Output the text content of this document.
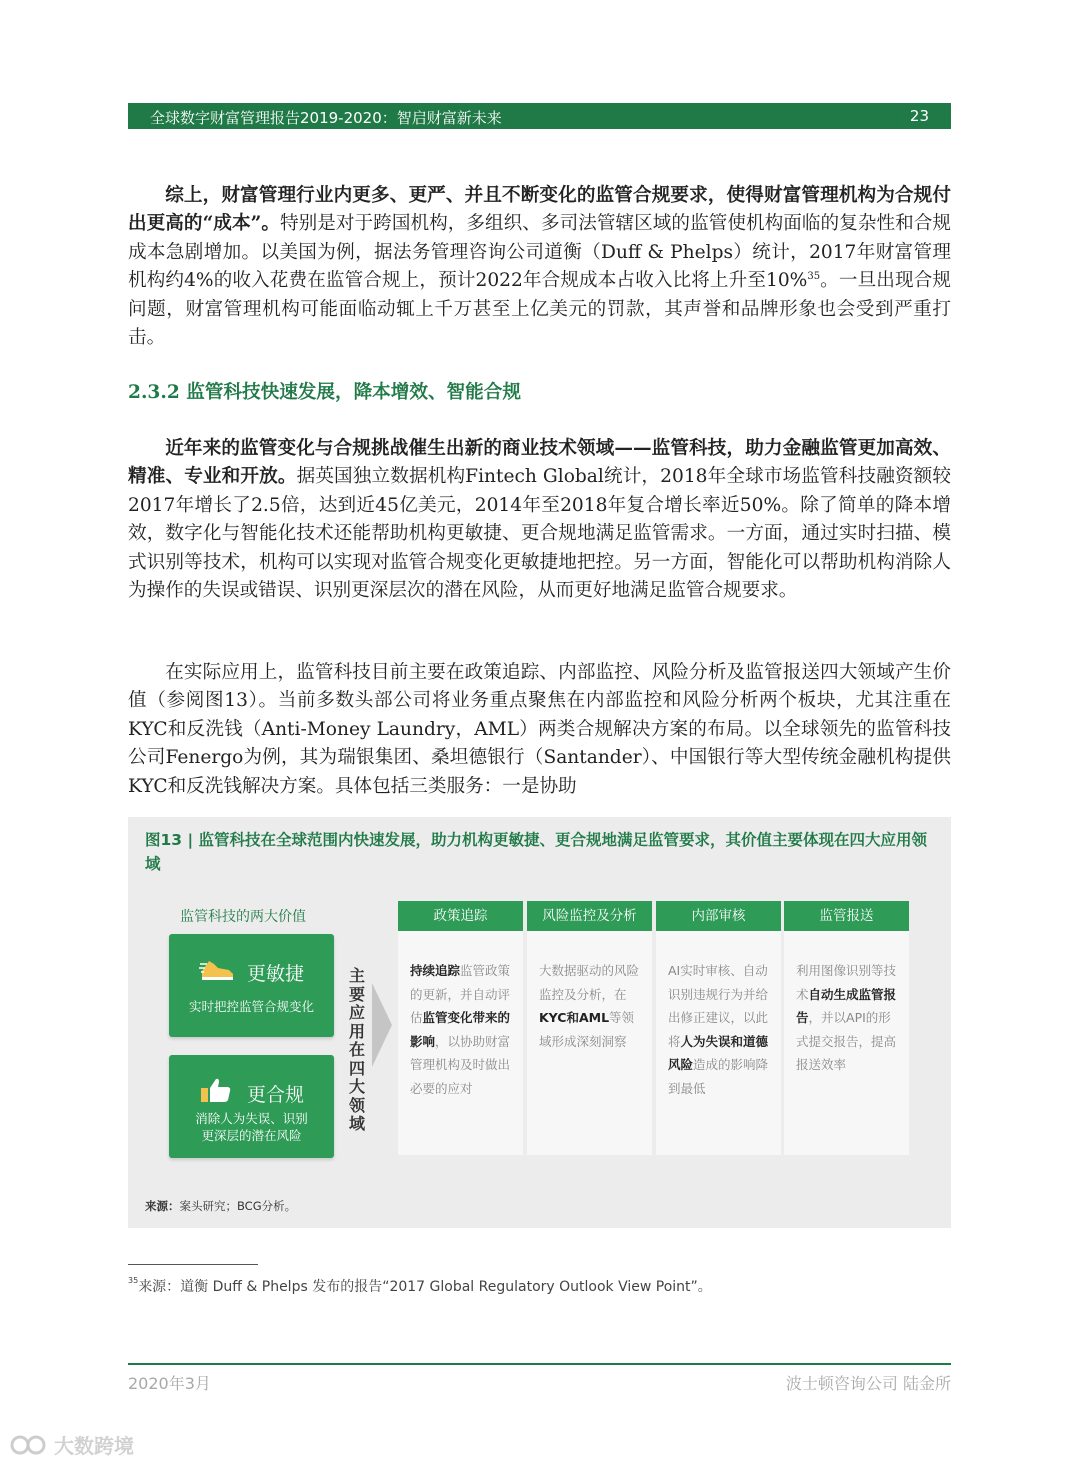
全球数字财富管理报告2019-2020：智启财富新未来	23

综上，财富管理行业内更多、更严、并且不断变化的监管合规要求，使得财富管理机构为合规付出更高的“成本”。特别是对于跨国机构，多组织、多司法管辖区域的监管使机构面临的复杂性和合规成本急剧增加。以美国为例，据法务管理咨询公司道衡（Duff & Phelps）统计，2017年财富管理机构约4%的收入花费在监管合规上，预计2022年合规成本占收入比将上升至10%$^{35}$。一旦出现合规问题，财富管理机构可能面临动辄上千万甚至上亿美元的罚款，其声誉和品牌形象也会受到严重打击。

2.3.2 监管科技快速发展，降本增效、智能合规

近年来的监管变化与合规挑战催生出新的商业技术领域——监管科技，助力金融监管更加高效、精准、专业和开放。据英国独立数据机构Fintech Global统计，2018年全球市场监管科技融资额较2017年增长了2.5倍，达到近45亿美元，2014年至2018年复合增长率近50%。除了简单的降本增效，数字化与智能化技术还能帮助机构更敏捷、更合规地满足监管需求。一方面，通过实时扫描、模式识别等技术，机构可以实现对监管合规变化更敏捷地把控。另一方面，智能化可以帮助机构消除人为操作的失误或错误、识别更深层次的潜在风险，从而更好地满足监管合规要求。

在实际应用上，监管科技目前主要在政策追踪、内部监控、风险分析及监管报送四大领域产生价值（参阅图13）。当前多数头部公司将业务重点聚焦在内部监控和风险分析两个板块，尤其注重在KYC和反洗钱（Anti-Money Laundry，AML）两类合规解决方案的布局。以全球领先的监管科技公司Fenergo为例，其为瑞银集团、桑坦德银行（Santander）、中国银行等大型传统金融机构提供KYC和反洗钱解决方案。具体包括三类服务：一是协助

图13 | 监管科技在全球范围内快速发展，助力机构更敏捷、更合规地满足监管要求，其价值主要体现在四大应用领域
监管科技的两大价值
更敏捷
实时把控监管合规变化
更合规
消除人为失误、识别
更深层的潜在风险
主要应用在四大领域
政策追踪
持续追踪监管政策的更新，并自动评估监管变化带来的影响，以协助财富管理机构及时做出必要的应对
风险监控及分析
大数据驱动的风险监控及分析，在KYC和AML等领域形成深刻洞察
内部审核
AI实时审核、自动识别违规行为并给出修正建议，以此将人为失误和道德风险造成的影响降到最低
监管报送
利用图像识别等技术自动生成监管报告，并以API的形式提交报告，提高报送效率
来源：案头研究；BCG分析。
$^{35}$来源：道衡 Duff & Phelps 发布的报告“2017 Global Regulatory Outlook View Point”。
2020年3月	波士顿咨询公司 陆金所
大数跨境
